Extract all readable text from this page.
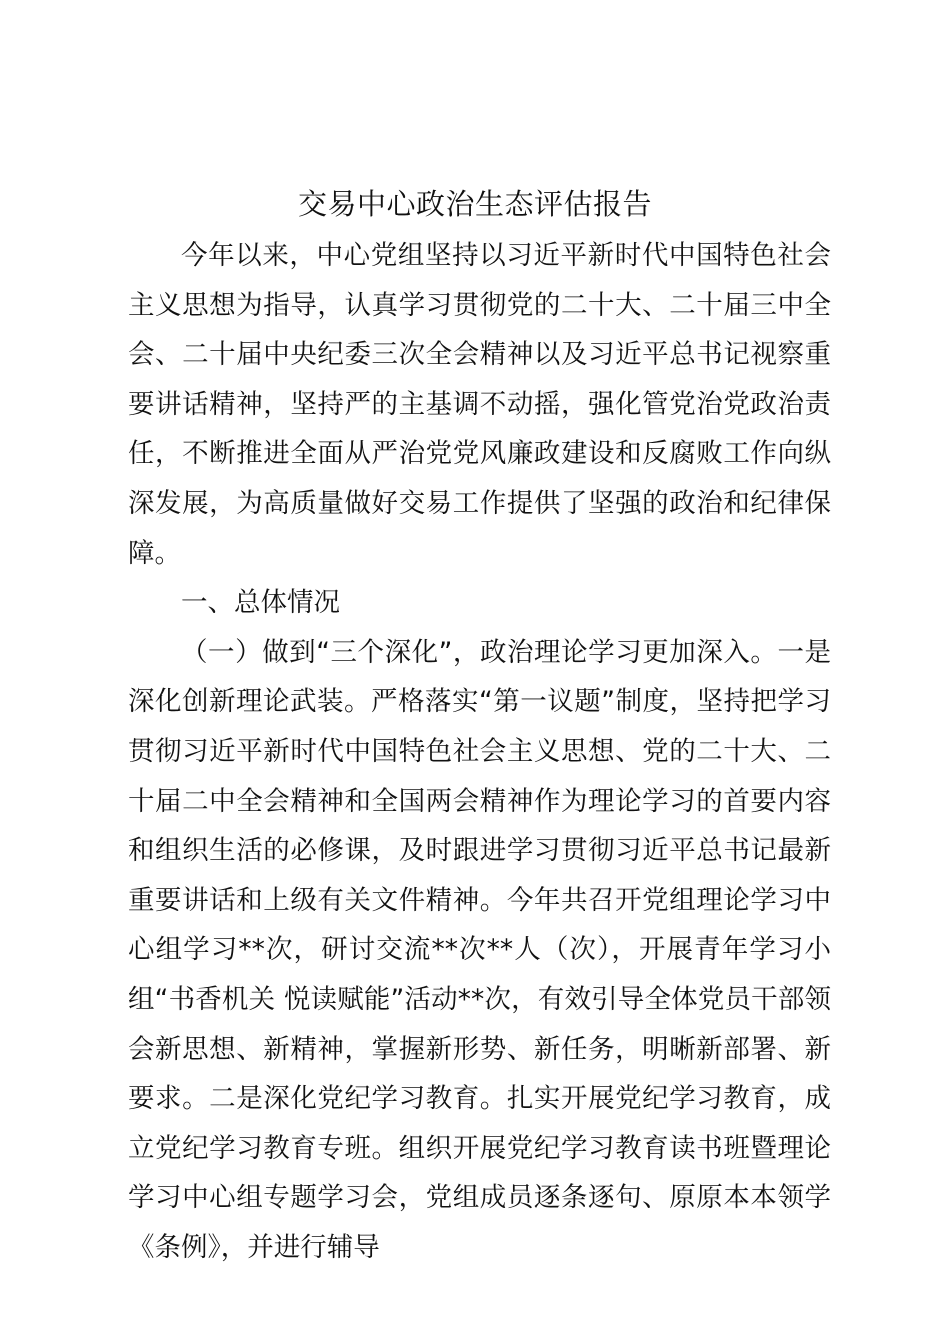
交易中心政治生态评估报告

今年以来，中心党组坚持以习近平新时代中国特色社会主义思想为指导，认真学习贯彻党的二十大、二十届三中全会、二十届中央纪委三次全会精神以及习近平总书记视察重要讲话精神，坚持严的主基调不动摇，强化管党治党政治责任，不断推进全面从严治党党风廉政建设和反腐败工作向纵深发展，为高质量做好交易工作提供了坚强的政治和纪律保障。

一、总体情况

（一）做到“三个深化”，政治理论学习更加深入。一是深化创新理论武装。严格落实“第一议题”制度，坚持把学习贯彻习近平新时代中国特色社会主义思想、党的二十大、二十届二中全会精神和全国两会精神作为理论学习的首要内容和组织生活的必修课，及时跟进学习贯彻习近平总书记最新重要讲话和上级有关文件精神。今年共召开党组理论学习中心组学习**次，研讨交流**次**人（次），开展青年学习小组“书香机关 悦读赋能”活动**次，有效引导全体党员干部领会新思想、新精神，掌握新形势、新任务，明晰新部署、新要求。二是深化党纪学习教育。扎实开展党纪学习教育，成立党纪学习教育专班。组织开展党纪学习教育读书班暨理论学习中心组专题学习会，党组成员逐条逐句、原原本本领学《条例》，并进行辅导
